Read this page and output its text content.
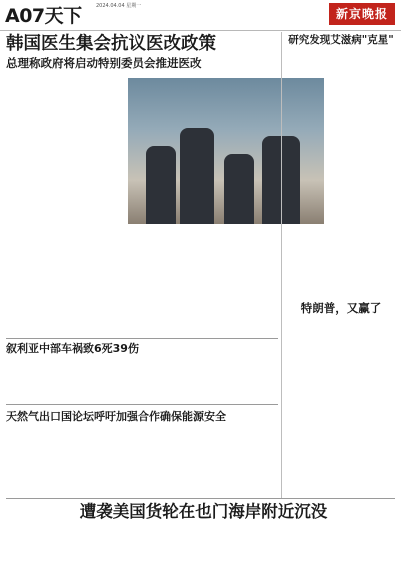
A07天下	2024.04.04 星期一
新京晚报
韩国医生集会抗议医改政策
总理称政府将启动特别委员会推进医改
研究发现艾滋病"克星"
特朗普，又赢了
叙利亚中部车祸致6死39伤
天然气出口国论坛呼吁加强合作确保能源安全
遭袭美国货轮在也门海岸附近沉没
